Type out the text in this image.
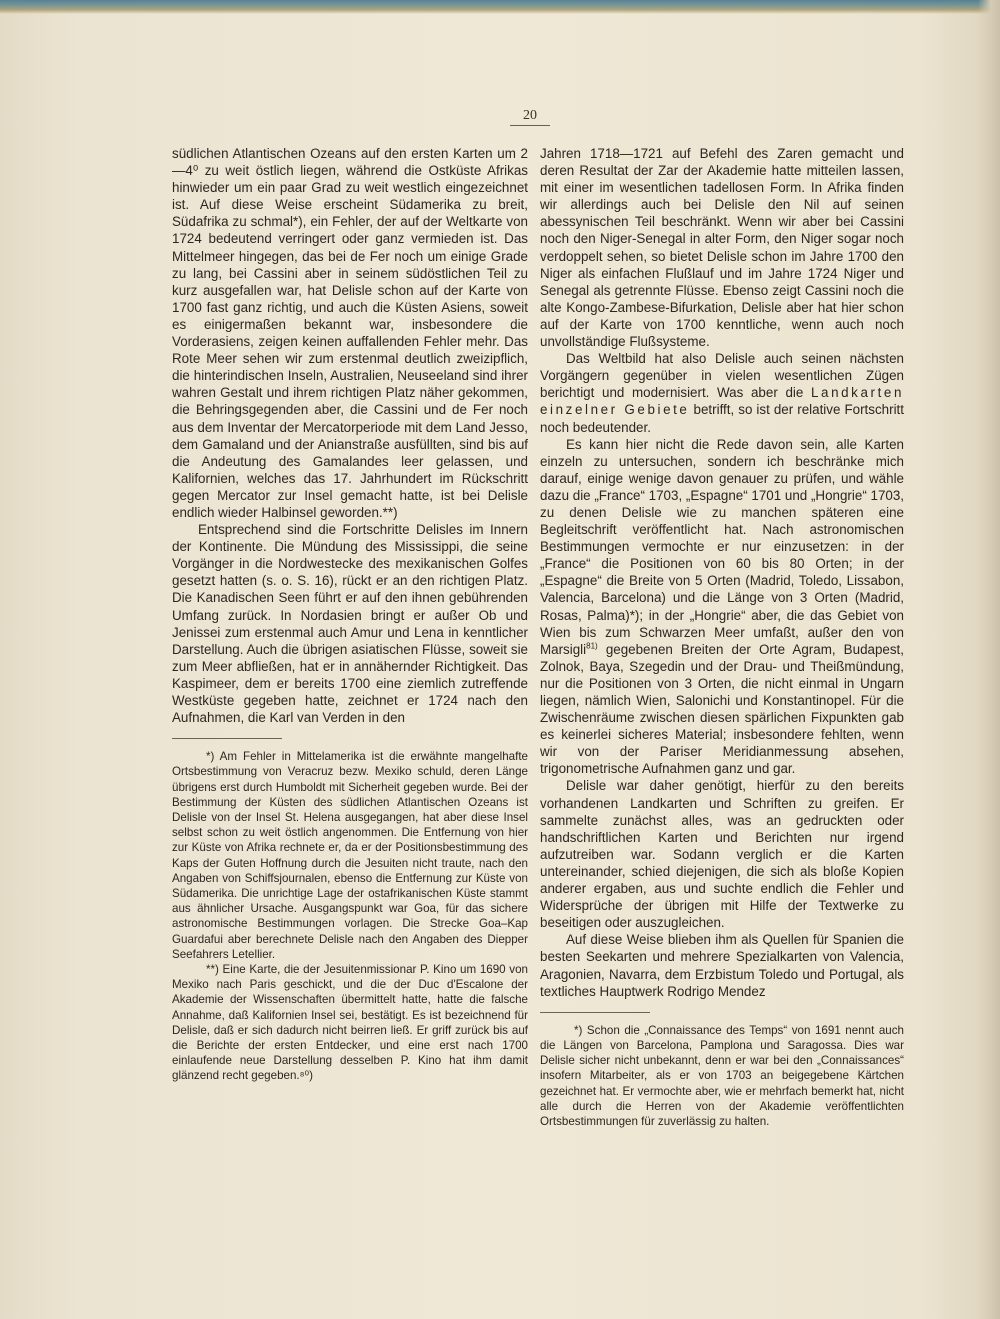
20

südlichen Atlantischen Ozeans auf den ersten Karten um 2—4⁰ zu weit östlich liegen, während die Ostküste Afrikas hinwieder um ein paar Grad zu weit westlich eingezeichnet ist. Auf diese Weise erscheint Südamerika zu breit, Südafrika zu schmal*), ein Fehler, der auf der Weltkarte von 1724 bedeutend verringert oder ganz vermieden ist. Das Mittelmeer hingegen, das bei de Fer noch um einige Grade zu lang, bei Cassini aber in seinem südöstlichen Teil zu kurz ausgefallen war, hat Delisle schon auf der Karte von 1700 fast ganz richtig, und auch die Küsten Asiens, soweit es einigermaßen bekannt war, insbesondere die Vorderasiens, zeigen keinen auffallenden Fehler mehr. Das Rote Meer sehen wir zum erstenmal deutlich zweizipflich, die hinterindischen Inseln, Australien, Neuseeland sind ihrer wahren Gestalt und ihrem richtigen Platz näher gekommen, die Behringsgegenden aber, die Cassini und de Fer noch aus dem Inventar der Mercatorperiode mit dem Land Jesso, dem Gamaland und der Anianstraße ausfüllten, sind bis auf die Andeutung des Gamalandes leer gelassen, und Kalifornien, welches das 17. Jahrhundert im Rückschritt gegen Mercator zur Insel gemacht hatte, ist bei Delisle endlich wieder Halbinsel geworden.**)

Entsprechend sind die Fortschritte Delisles im Innern der Kontinente. Die Mündung des Mississippi, die seine Vorgänger in die Nordwestecke des mexikanischen Golfes gesetzt hatten (s. o. S. 16), rückt er an den richtigen Platz. Die Kanadischen Seen führt er auf den ihnen gebührenden Umfang zurück. In Nordasien bringt er außer Ob und Jenissei zum erstenmal auch Amur und Lena in kenntlicher Darstellung. Auch die übrigen asiatischen Flüsse, soweit sie zum Meer abfließen, hat er in annähernder Richtigkeit. Das Kaspimeer, dem er bereits 1700 eine ziemlich zutreffende Westküste gegeben hatte, zeichnet er 1724 nach den Aufnahmen, die Karl van Verden in den

*) Am Fehler in Mittelamerika ist die erwähnte mangelhafte Ortsbestimmung von Veracruz bezw. Mexiko schuld, deren Länge übrigens erst durch Humboldt mit Sicherheit gegeben wurde. Bei der Bestimmung der Küsten des südlichen Atlantischen Ozeans ist Delisle von der Insel St. Helena ausgegangen, hat aber diese Insel selbst schon zu weit östlich angenommen. Die Entfernung von hier zur Küste von Afrika rechnete er, da er der Positionsbestimmung des Kaps der Guten Hoffnung durch die Jesuiten nicht traute, nach den Angaben von Schiffsjournalen, ebenso die Entfernung zur Küste von Südamerika. Die unrichtige Lage der ostafrikanischen Küste stammt aus ähnlicher Ursache. Ausgangspunkt war Goa, für das sichere astronomische Bestimmungen vorlagen. Die Strecke Goa–Kap Guardafui aber berechnete Delisle nach den Angaben des Diepper Seefahrers Letellier.

**) Eine Karte, die der Jesuitenmissionar P. Kino um 1690 von Mexiko nach Paris geschickt, und die der Duc d'Escalone der Akademie der Wissenschaften übermittelt hatte, hatte die falsche Annahme, daß Kalifornien Insel sei, bestätigt. Es ist bezeichnend für Delisle, daß er sich dadurch nicht beirren ließ. Er griff zurück bis auf die Berichte der ersten Entdecker, und eine erst nach 1700 einlaufende neue Darstellung desselben P. Kino hat ihm damit glänzend recht gegeben.⁸⁰)

Jahren 1718—1721 auf Befehl des Zaren gemacht und deren Resultat der Zar der Akademie hatte mitteilen lassen, mit einer im wesentlichen tadellosen Form. In Afrika finden wir allerdings auch bei Delisle den Nil auf seinen abessynischen Teil beschränkt. Wenn wir aber bei Cassini noch den Niger-Senegal in alter Form, den Niger sogar noch verdoppelt sehen, so bietet Delisle schon im Jahre 1700 den Niger als einfachen Flußlauf und im Jahre 1724 Niger und Senegal als getrennte Flüsse. Ebenso zeigt Cassini noch die alte Kongo-Zambese-Bifurkation, Delisle aber hat hier schon auf der Karte von 1700 kenntliche, wenn auch noch unvollständige Flußsysteme.

Das Weltbild hat also Delisle auch seinen nächsten Vorgängern gegenüber in vielen wesentlichen Zügen berichtigt und modernisiert. Was aber die Landkarten einzelner Gebiete betrifft, so ist der relative Fortschritt noch bedeutender.

Es kann hier nicht die Rede davon sein, alle Karten einzeln zu untersuchen, sondern ich beschränke mich darauf, einige wenige davon genauer zu prüfen, und wähle dazu die „France“ 1703, „Espagne“ 1701 und „Hongrie“ 1703, zu denen Delisle wie zu manchen späteren eine Begleitschrift veröffentlicht hat. Nach astronomischen Bestimmungen vermochte er nur einzusetzen: in der „France“ die Positionen von 60 bis 80 Orten; in der „Espagne“ die Breite von 5 Orten (Madrid, Toledo, Lissabon, Valencia, Barcelona) und die Länge von 3 Orten (Madrid, Rosas, Palma)*); in der „Hongrie“ aber, die das Gebiet von Wien bis zum Schwarzen Meer umfaßt, außer den von Marsigli$^{81)}$ gegebenen Breiten der Orte Agram, Budapest, Zolnok, Baya, Szegedin und der Drau- und Theißmündung, nur die Positionen von 3 Orten, die nicht einmal in Ungarn liegen, nämlich Wien, Salonichi und Konstantinopel. Für die Zwischenräume zwischen diesen spärlichen Fixpunkten gab es keinerlei sicheres Material; insbesondere fehlten, wenn wir von der Pariser Meridianmessung absehen, trigonometrische Aufnahmen ganz und gar.

Delisle war daher genötigt, hierfür zu den bereits vorhandenen Landkarten und Schriften zu greifen. Er sammelte zunächst alles, was an gedruckten oder handschriftlichen Karten und Berichten nur irgend aufzutreiben war. Sodann verglich er die Karten untereinander, schied diejenigen, die sich als bloße Kopien anderer ergaben, aus und suchte endlich die Fehler und Widersprüche der übrigen mit Hilfe der Textwerke zu beseitigen oder auszugleichen.

Auf diese Weise blieben ihm als Quellen für Spanien die besten Seekarten und mehrere Spezialkarten von Valencia, Aragonien, Navarra, dem Erzbistum Toledo und Portugal, als textliches Hauptwerk Rodrigo Mendez

*) Schon die „Connaissance des Temps“ von 1691 nennt auch die Längen von Barcelona, Pamplona und Saragossa. Dies war Delisle sicher nicht unbekannt, denn er war bei den „Connaissances“ insofern Mitarbeiter, als er von 1703 an beigegebene Kärtchen gezeichnet hat. Er vermochte aber, wie er mehrfach bemerkt hat, nicht alle durch die Herren von der Akademie veröffentlichten Ortsbestimmungen für zuverlässig zu halten.
